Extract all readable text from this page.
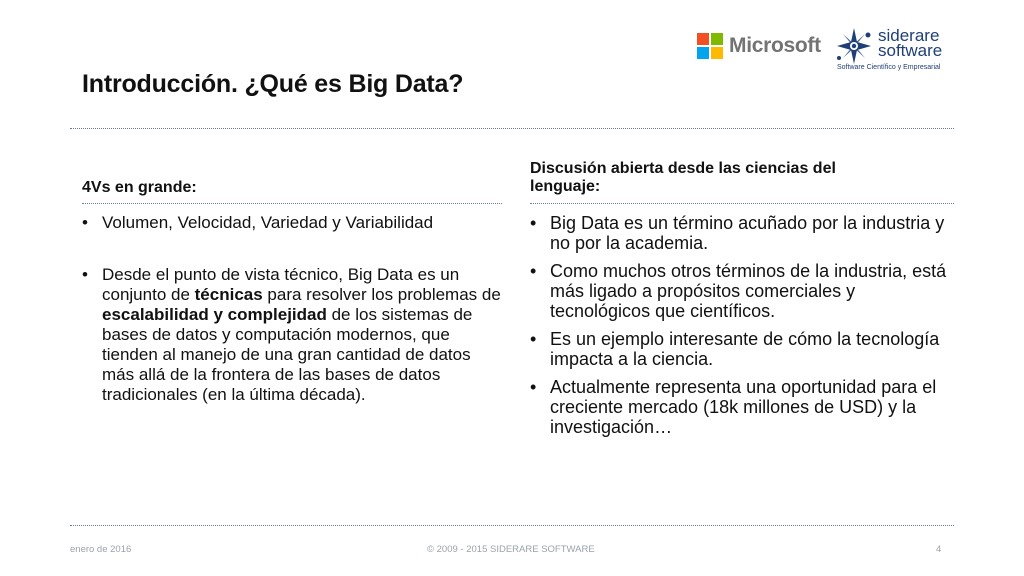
Microsoft	siderare
software
Software Científico y Empresarial
Introducción. ¿Qué es Big Data?
4Vs en grande:
• Volumen, Velocidad, Variedad y Variabilidad
• Desde el punto de vista técnico, Big Data es un conjunto de técnicas para resolver los problemas de escalabilidad y complejidad de los sistemas de bases de datos y computación modernos, que tienden al manejo de una gran cantidad de datos más allá de la frontera de las bases de datos tradicionales (en la última década).
Discusión abierta desde las ciencias del lenguaje:
• Big Data es un término acuñado por la industria y no por la academia.
• Como muchos otros términos de la industria, está más ligado a propósitos comerciales y tecnológicos que científicos.
• Es un ejemplo interesante de cómo la tecnología impacta a la ciencia.
• Actualmente representa una oportunidad para el creciente mercado (18k millones de USD) y la investigación…
enero de 2016	© 2009 - 2015 SIDERARE SOFTWARE	4
